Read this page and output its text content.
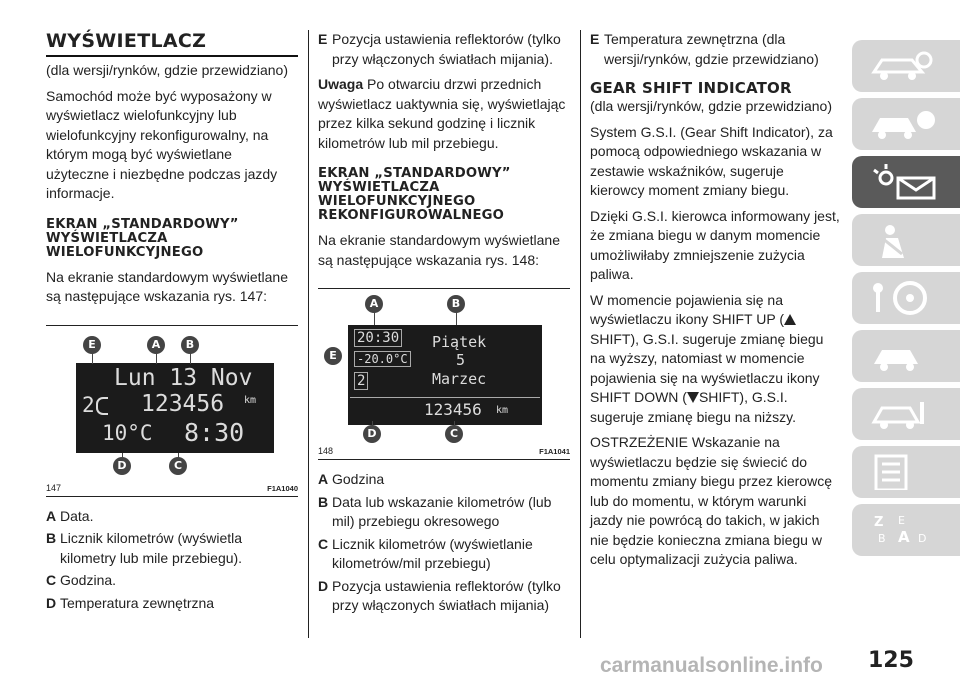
WYŚWIETLACZ

(dla wersji/rynków, gdzie przewidziano)

Samochód może być wyposażony w wyświetlacz wielofunkcyjny lub wielofunkcyjny rekonfigurowalny, na którym mogą być wyświetlane użyteczne i niezbędne podczas jazdy informacje.

EKRAN „STANDARDOWY” WYŚWIETLACZA WIELOFUNKCYJNEGO

Na ekranie standardowym wyświetlane są następujące wskazania rys. 147:

Lun 13 Nov
2 123456 km
10°C 8:30
E	A	B
D	C
147	F1A1040
A Data.
B Licznik kilometrów (wyświetla kilometry lub mile przebiegu).
C Godzina.
D Temperatura zewnętrzna
E Pozycja ustawienia reflektorów (tylko przy włączonych światłach mijania).

Uwaga Po otwarciu drzwi przednich wyświetlacz uaktywnia się, wyświetlając przez kilka sekund godzinę i licznik kilometrów lub mil przebiegu.

EKRAN „STANDARDOWY” WYŚWIETLACZA WIELOFUNKCYJNEGO REKONFIGUROWALNEGO

Na ekranie standardowym wyświetlane są następujące wskazania rys. 148:

20:30
-20.0°C
2
Piątek
5
Marzec
123456 km
A	B
E
D	C
148	F1A1041
A Godzina
B Data lub wskazanie kilometrów (lub mil) przebiegu okresowego
C Licznik kilometrów (wyświetlanie kilometrów/mil przebiegu)
D Pozycja ustawienia reflektorów (tylko przy włączonych światłach mijania)
E Temperatura zewnętrzna (dla wersji/rynków, gdzie przewidziano)
GEAR SHIFT INDICATOR

(dla wersji/rynków, gdzie przewidziano)

System G.S.I. (Gear Shift Indicator), za pomocą odpowiedniego wskazania w zestawie wskaźników, sugeruje kierowcy moment zmiany biegu.

Dzięki G.S.I. kierowca informowany jest, że zmiana biegu w danym momencie umożliwiłaby zmniejszenie zużycia paliwa.

W momencie pojawienia się na wyświetlaczu ikony SHIFT UP (SHIFT), G.S.I. sugeruje zmianę biegu na wyższy, natomiast w momencie pojawienia się na wyświetlaczu ikony SHIFT DOWN ( SHIFT), G.S.I. sugeruje zmianę biegu na niższy.

OSTRZEŻENIE Wskazanie na wyświetlaczu będzie się świecić do momentu zmiany biegu przez kierowcę lub do momentu, w którym warunki jazdy nie powrócą do takich, w jakich nie będzie konieczna zmiana biegu w celu optymalizacji zużycia paliwa.

Z E
B A D
125
carmanualsonline.info
